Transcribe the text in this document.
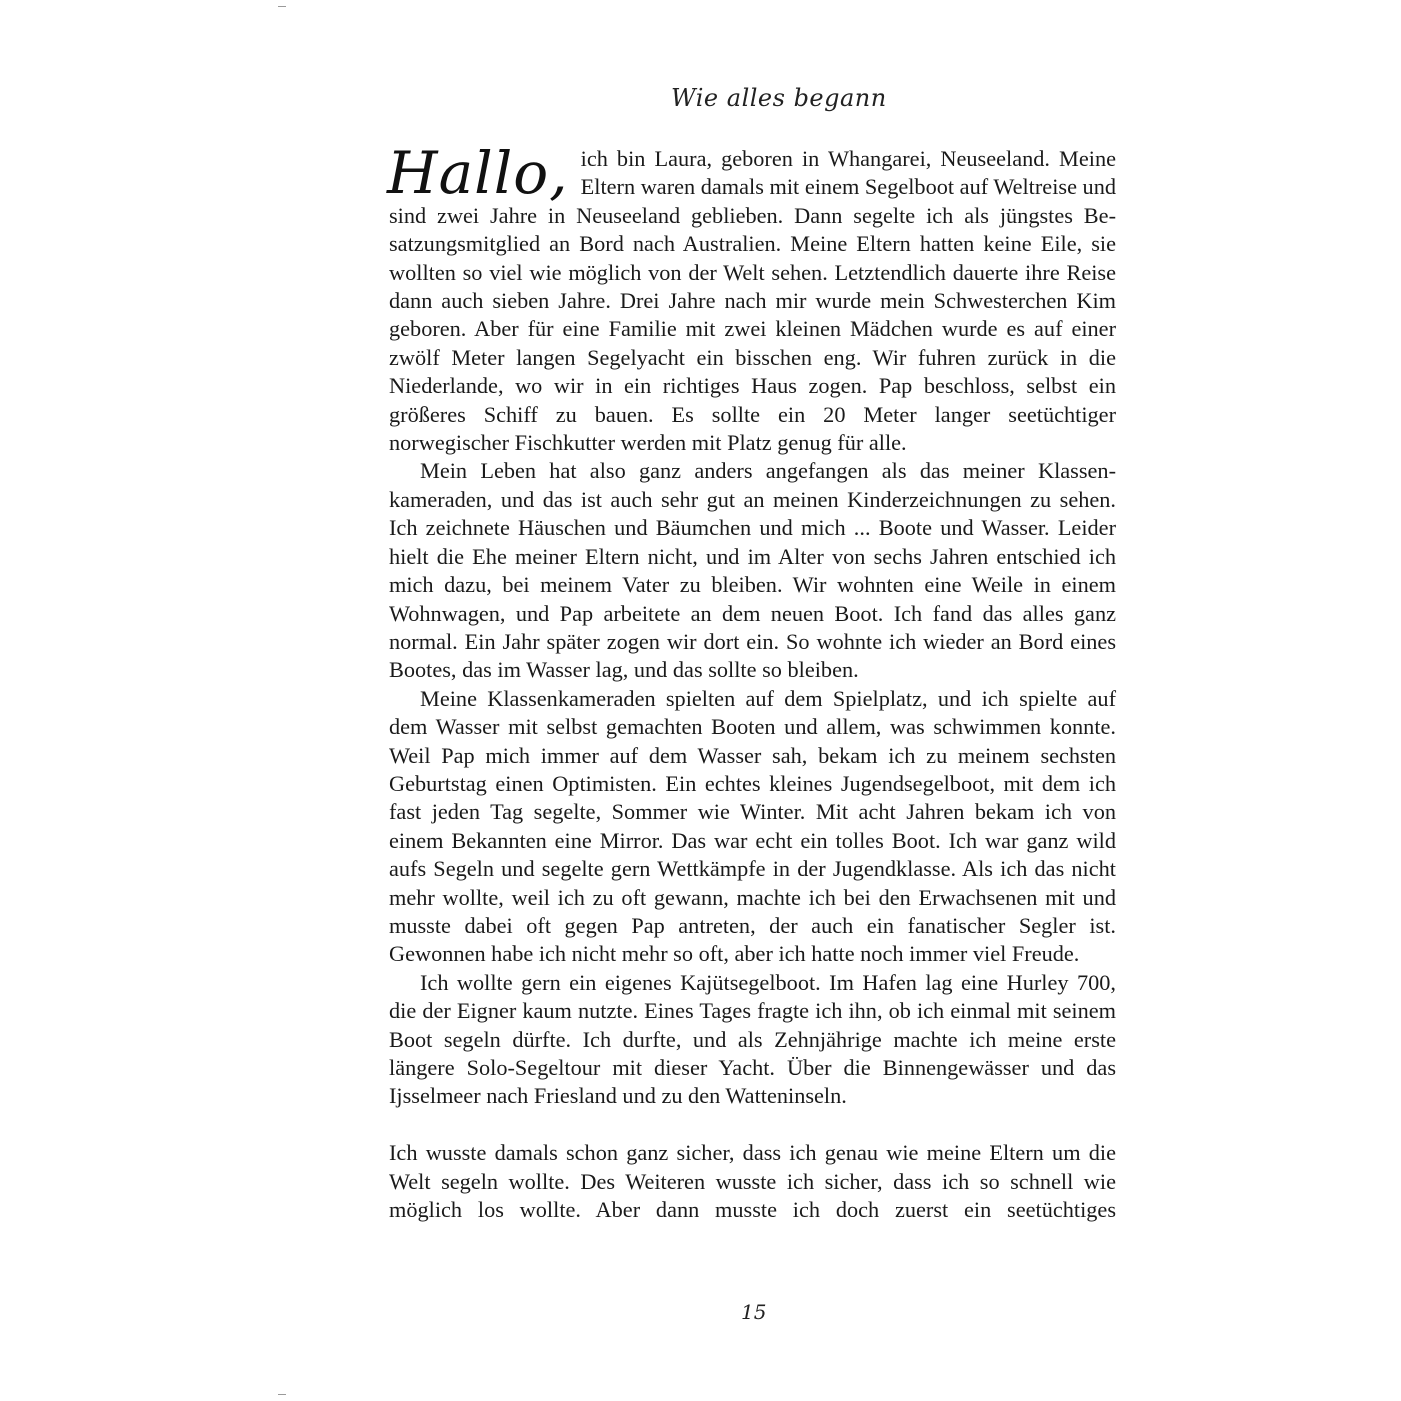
Wie alles begann

Hallo, ich bin Laura, geboren in Whangarei, Neuseeland. Meine Eltern waren damals mit einem Segelboot auf Weltreise und sind zwei Jahre in Neuseeland geblieben. Dann segelte ich als jüngstes Besatzungsmitglied an Bord nach Australien. Meine Eltern hatten keine Eile, sie wollten so viel wie möglich von der Welt sehen. Letztendlich dauerte ihre Reise dann auch sieben Jahre. Drei Jahre nach mir wurde mein Schwesterchen Kim geboren. Aber für eine Familie mit zwei kleinen Mädchen wurde es auf einer zwölf Meter langen Segelyacht ein bisschen eng. Wir fuhren zurück in die Niederlande, wo wir in ein richtiges Haus zogen. Pap beschloss, selbst ein größeres Schiff zu bauen. Es sollte ein 20 Meter langer seetüchtiger norwegischer Fischkutter werden mit Platz genug für alle.

Mein Leben hat also ganz anders angefangen als das meiner Klassenkameraden, und das ist auch sehr gut an meinen Kinderzeichnungen zu sehen. Ich zeichnete Häuschen und Bäumchen und mich ... Boote und Wasser. Leider hielt die Ehe meiner Eltern nicht, und im Alter von sechs Jahren entschied ich mich dazu, bei meinem Vater zu bleiben. Wir wohnten eine Weile in einem Wohnwagen, und Pap arbeitete an dem neuen Boot. Ich fand das alles ganz normal. Ein Jahr später zogen wir dort ein. So wohnte ich wieder an Bord eines Bootes, das im Wasser lag, und das sollte so bleiben.

Meine Klassenkameraden spielten auf dem Spielplatz, und ich spielte auf dem Wasser mit selbst gemachten Booten und allem, was schwimmen konnte. Weil Pap mich immer auf dem Wasser sah, bekam ich zu meinem sechsten Geburtstag einen Optimisten. Ein echtes kleines Jugendsegelboot, mit dem ich fast jeden Tag segelte, Sommer wie Winter. Mit acht Jahren bekam ich von einem Bekannten eine Mirror. Das war echt ein tolles Boot. Ich war ganz wild aufs Segeln und segelte gern Wettkämpfe in der Jugendklasse. Als ich das nicht mehr wollte, weil ich zu oft gewann, machte ich bei den Erwachsenen mit und musste dabei oft gegen Pap antreten, der auch ein fanatischer Segler ist. Gewonnen habe ich nicht mehr so oft, aber ich hatte noch immer viel Freude.

Ich wollte gern ein eigenes Kajütsegelboot. Im Hafen lag eine Hurley 700, die der Eigner kaum nutzte. Eines Tages fragte ich ihn, ob ich einmal mit seinem Boot segeln dürfte. Ich durfte, und als Zehnjährige machte ich meine erste längere Solo-Segeltour mit dieser Yacht. Über die Binnengewässer und das Ijsselmeer nach Friesland und zu den Watteninseln.

Ich wusste damals schon ganz sicher, dass ich genau wie meine Eltern um die Welt segeln wollte. Des Weiteren wusste ich sicher, dass ich so schnell wie möglich los wollte. Aber dann musste ich doch zuerst ein seetüchtiges

15
